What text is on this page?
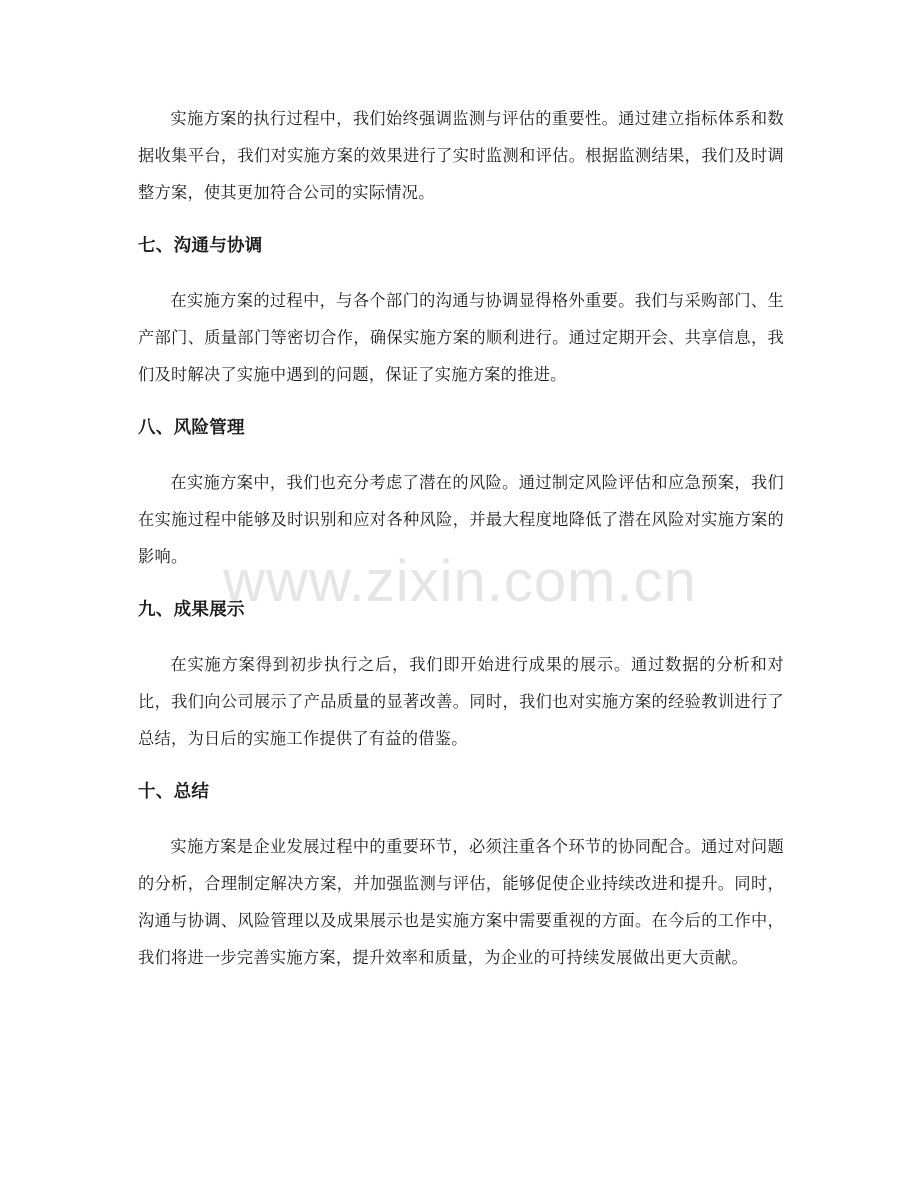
实施方案的执行过程中，我们始终强调监测与评估的重要性。通过建立指标体系和数据收集平台，我们对实施方案的效果进行了实时监测和评估。根据监测结果，我们及时调整方案，使其更加符合公司的实际情况。

七、沟通与协调

在实施方案的过程中，与各个部门的沟通与协调显得格外重要。我们与采购部门、生产部门、质量部门等密切合作，确保实施方案的顺利进行。通过定期开会、共享信息，我们及时解决了实施中遇到的问题，保证了实施方案的推进。

八、风险管理

在实施方案中，我们也充分考虑了潜在的风险。通过制定风险评估和应急预案，我们在实施过程中能够及时识别和应对各种风险，并最大程度地降低了潜在风险对实施方案的影响。

九、成果展示

在实施方案得到初步执行之后，我们即开始进行成果的展示。通过数据的分析和对比，我们向公司展示了产品质量的显著改善。同时，我们也对实施方案的经验教训进行了总结，为日后的实施工作提供了有益的借鉴。

十、总结

实施方案是企业发展过程中的重要环节，必须注重各个环节的协同配合。通过对问题的分析，合理制定解决方案，并加强监测与评估，能够促使企业持续改进和提升。同时，沟通与协调、风险管理以及成果展示也是实施方案中需要重视的方面。在今后的工作中，我们将进一步完善实施方案，提升效率和质量，为企业的可持续发展做出更大贡献。

www.zixin.com.cn
